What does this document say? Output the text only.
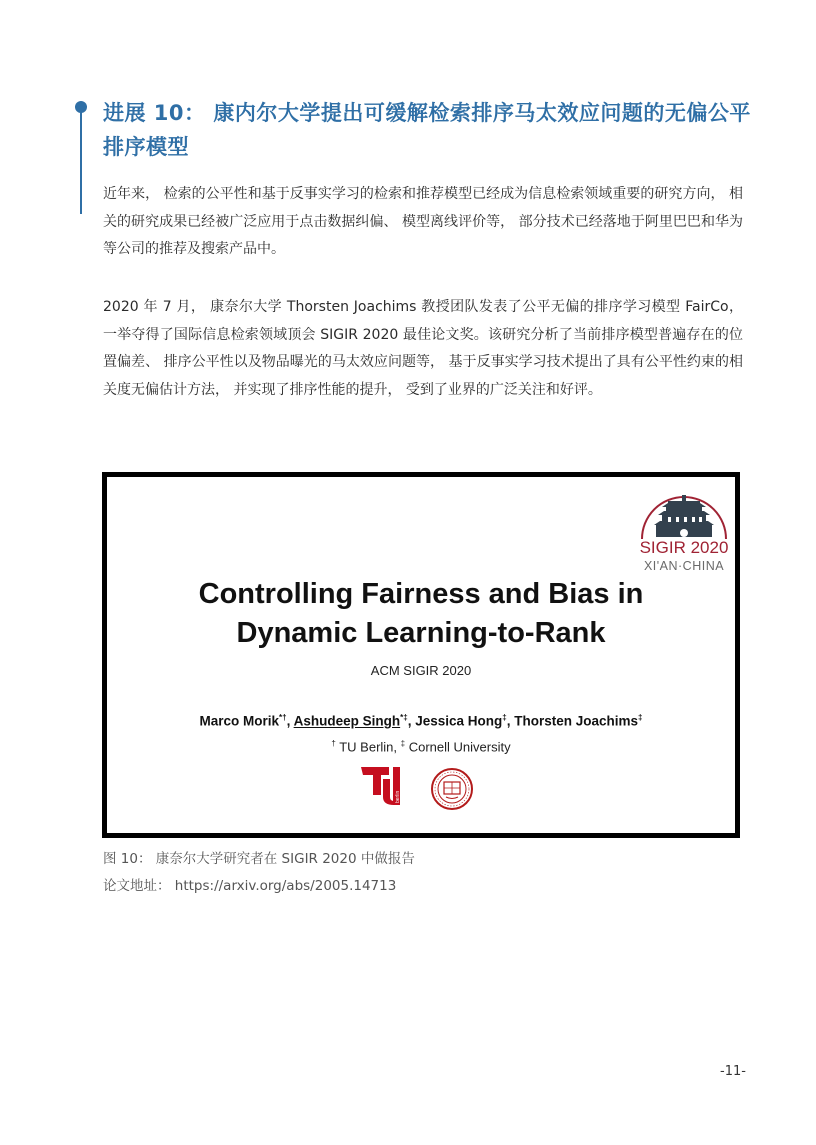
进展 10： 康内尔大学提出可缓解检索排序马太效应问题的无偏公平排序模型

近年来， 检索的公平性和基于反事实学习的检索和推荐模型已经成为信息检索领域重要的研究方向， 相关的研究成果已经被广泛应用于点击数据纠偏、 模型离线评价等， 部分技术已经落地于阿里巴巴和华为等公司的推荐及搜索产品中。

2020 年 7 月， 康奈尔大学 Thorsten Joachims 教授团队发表了公平无偏的排序学习模型 FairCo，一举夺得了国际信息检索领域顶会 SIGIR 2020 最佳论文奖。该研究分析了当前排序模型普遍存在的位置偏差、 排序公平性以及物品曝光的马太效应问题等， 基于反事实学习技术提出了具有公平性约束的相关度无偏估计方法， 并实现了排序性能的提升， 受到了业界的广泛关注和好评。

SIGIR 2020
XI'AN·CHINA
Controlling Fairness and Bias in
Dynamic Learning-to-Rank
ACM SIGIR 2020
Marco Morik*†, Ashudeep Singh*‡, Jessica Hong‡, Thorsten Joachims‡
† TU Berlin, ‡ Cornell University
berlin

图 10： 康奈尔大学研究者在 SIGIR 2020 中做报告

论文地址： https://arxiv.org/abs/2005.14713

-11-
